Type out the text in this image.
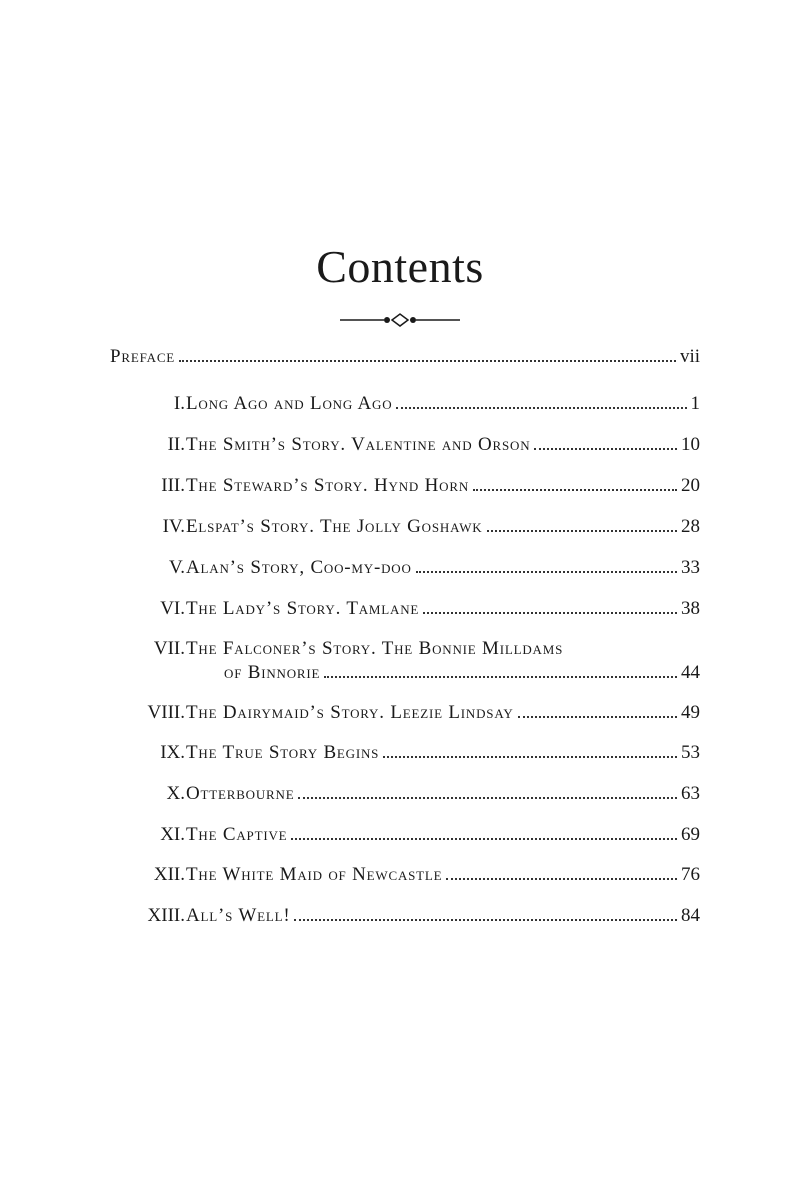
Contents
Preface	vii
I. Long Ago and Long Ago	1
II. The Smith’s Story. Valentine and Orson	10
III. The Steward’s Story. Hynd Horn	20
IV. Elspat’s Story. The Jolly Goshawk	28
V. Alan’s Story, Coo-my-doo	33
VI. The Lady’s Story. Tamlane	38
VII. The Falconer’s Story. The Bonnie Milldams
of Binnorie	44
VIII. The Dairymaid’s Story. Leezie Lindsay	49
IX. The True Story Begins	53
X. Otterbourne	63
XI. The Captive	69
XII. The White Maid of Newcastle	76
XIII. All’s Well!	84
